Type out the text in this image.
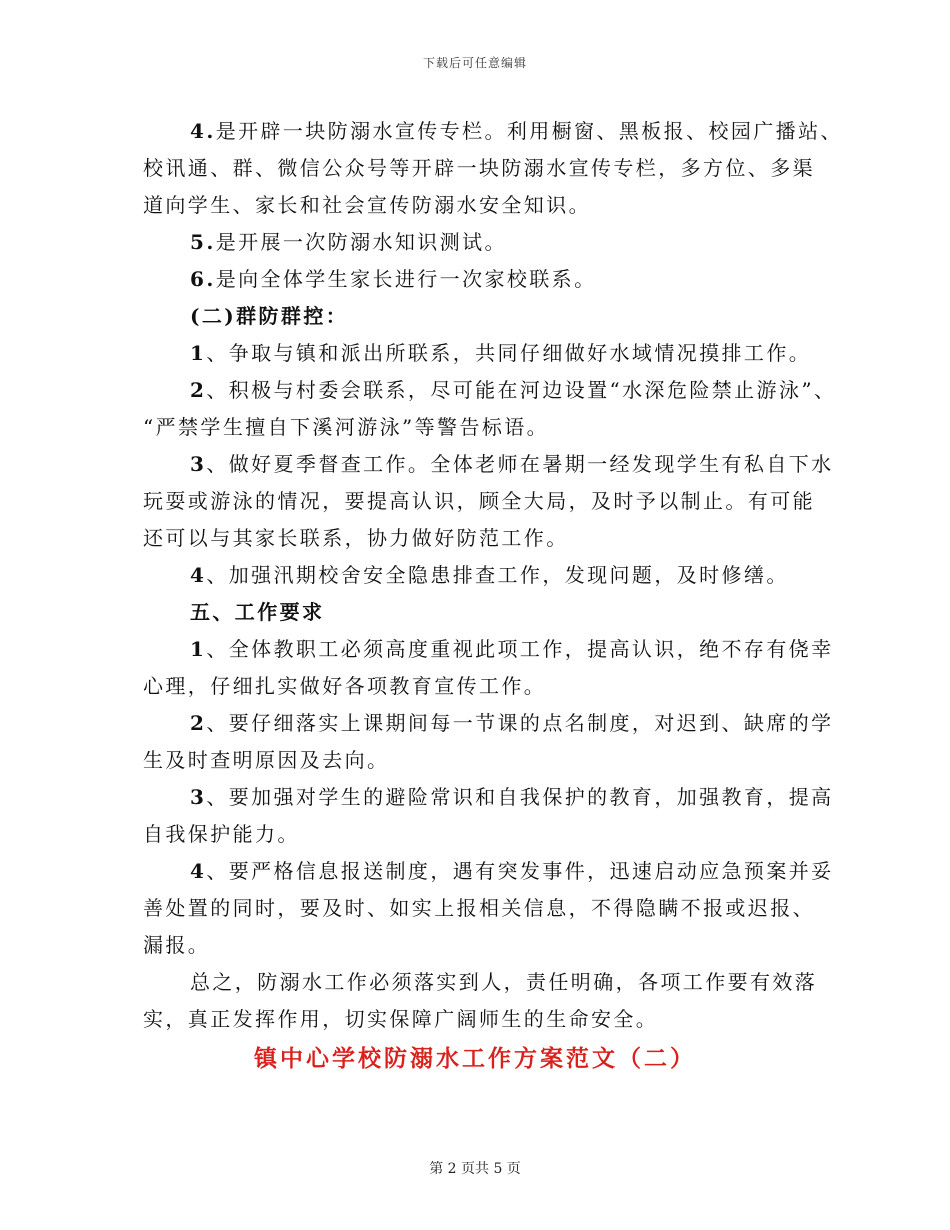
下载后可任意编辑
4.是开辟一块防溺水宣传专栏。利用橱窗、黑板报、校园广播站、
校讯通、群、微信公众号等开辟一块防溺水宣传专栏，多方位、多渠
道向学生、家长和社会宣传防溺水安全知识。
5.是开展一次防溺水知识测试。
6.是向全体学生家长进行一次家校联系。
(二)群防群控：
1、争取与镇和派出所联系，共同仔细做好水域情况摸排工作。
2、积极与村委会联系，尽可能在河边设置“水深危险禁止游泳”、
“严禁学生擅自下溪河游泳”等警告标语。
3、做好夏季督查工作。全体老师在暑期一经发现学生有私自下水
玩耍或游泳的情况，要提高认识，顾全大局，及时予以制止。有可能
还可以与其家长联系，协力做好防范工作。
4、加强汛期校舍安全隐患排查工作，发现问题，及时修缮。
五、工作要求
1、全体教职工必须高度重视此项工作，提高认识，绝不存有侥幸
心理，仔细扎实做好各项教育宣传工作。
2、要仔细落实上课期间每一节课的点名制度，对迟到、缺席的学
生及时查明原因及去向。
3、要加强对学生的避险常识和自我保护的教育，加强教育，提高
自我保护能力。
4、要严格信息报送制度，遇有突发事件，迅速启动应急预案并妥
善处置的同时，要及时、如实上报相关信息，不得隐瞒不报或迟报、
漏报。
总之，防溺水工作必须落实到人，责任明确，各项工作要有效落
实，真正发挥作用，切实保障广阔师生的生命安全。
镇中心学校防溺水工作方案范文（二）
第 2 页共 5 页
